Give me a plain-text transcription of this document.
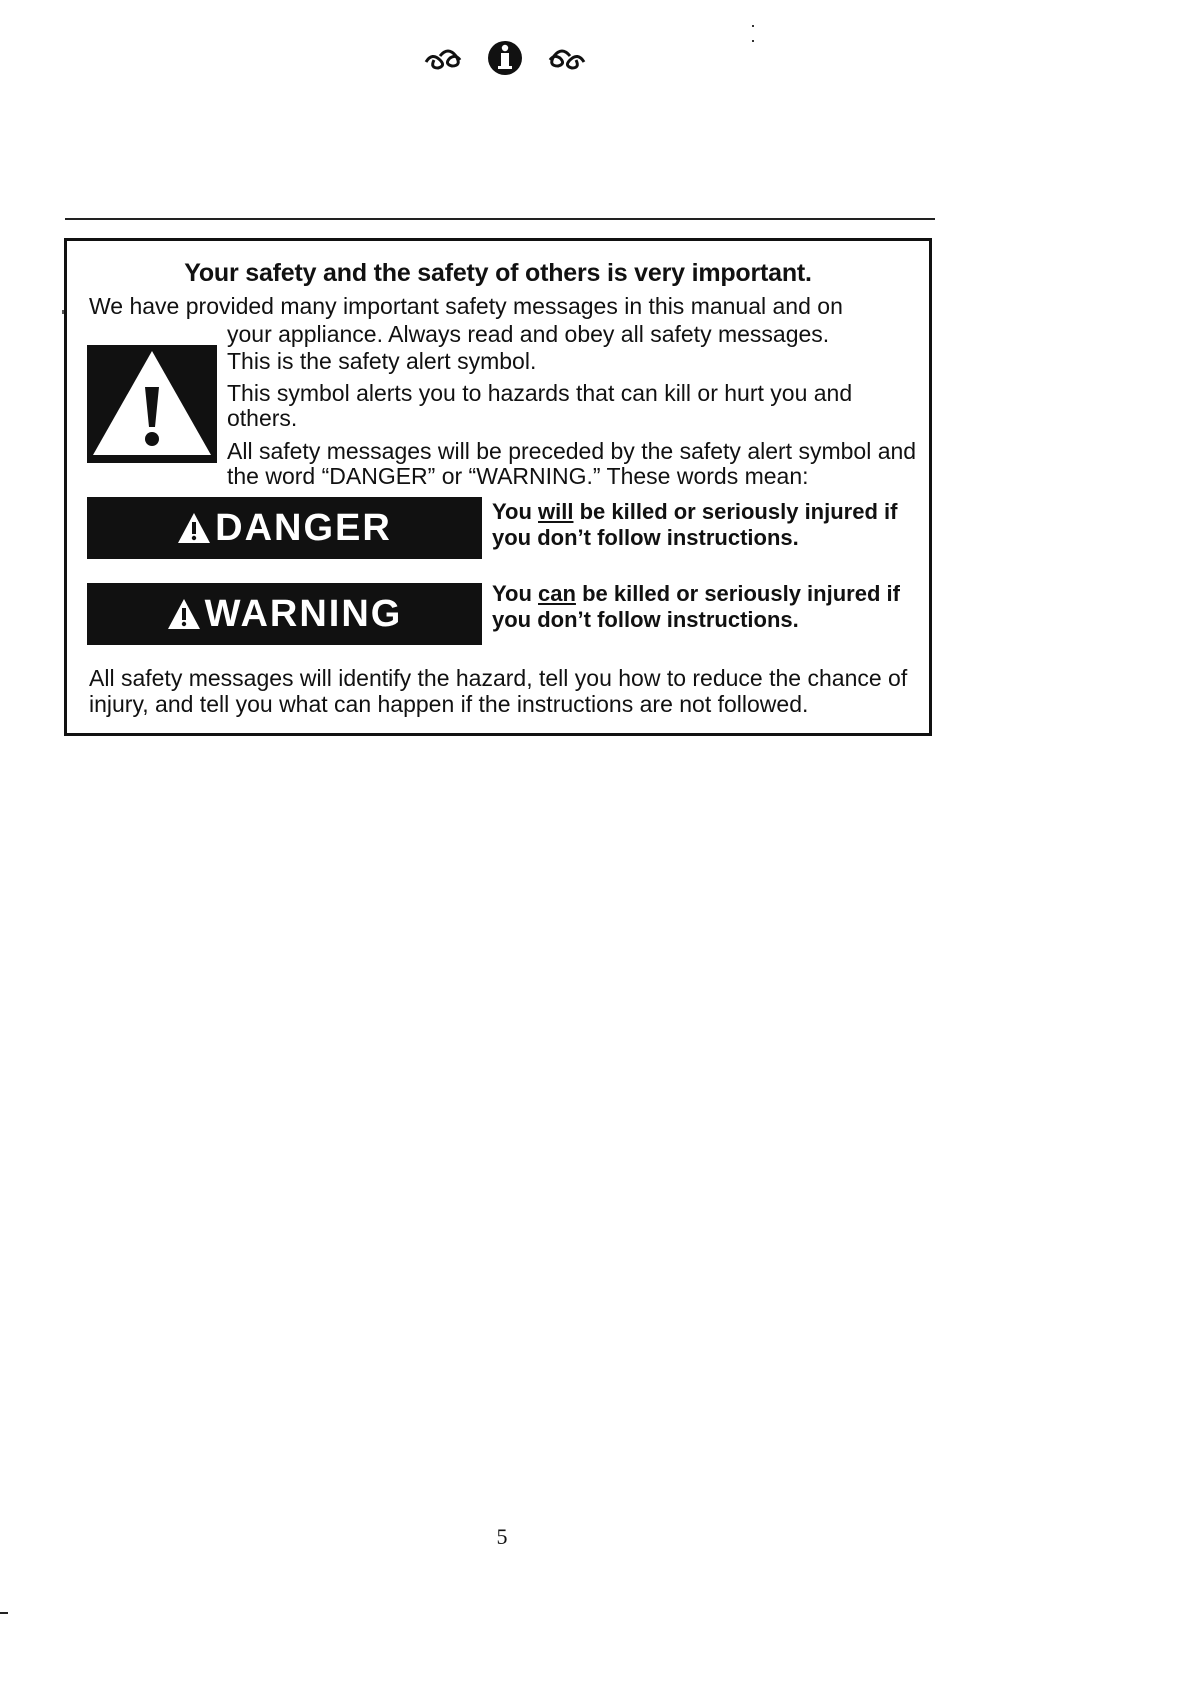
Your safety and the safety of others is very important.
We have provided many important safety messages in this manual and on
your appliance. Always read and obey all safety messages.
This is the safety alert symbol.
This symbol alerts you to hazards that can kill or hurt you and others.
All safety messages will be preceded by the safety alert symbol and the word “DANGER” or “WARNING.” These words mean:
DANGER	You will be killed or seriously injured if you don’t follow instructions.
WARNING	You can be killed or seriously injured if you don’t follow instructions.
All safety messages will identify the hazard, tell you how to reduce the chance of injury, and tell you what can happen if the instructions are not followed.
5
